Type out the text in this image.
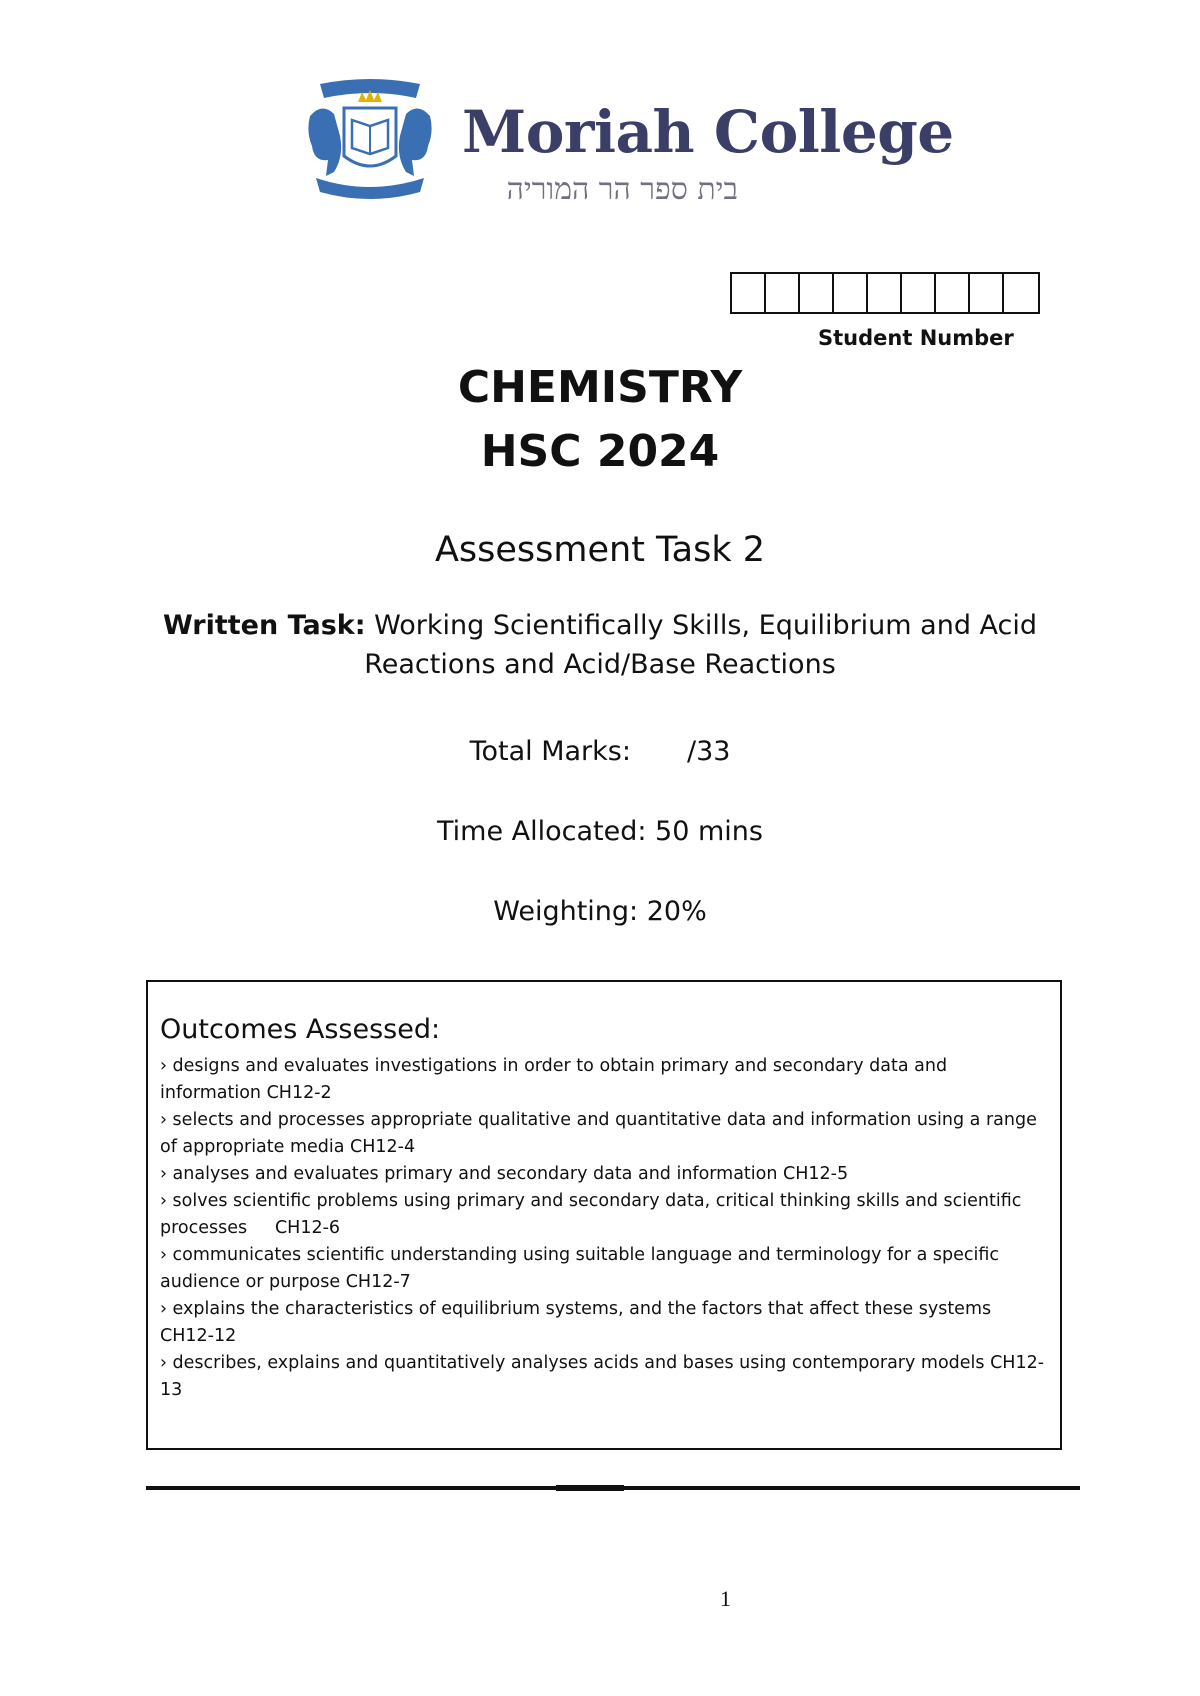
Moriah College
בית ספר הר המוריה
Student Number
CHEMISTRY
HSC 2024
Assessment Task 2
Written Task: Working Scientifically Skills, Equilibrium and Acid
Reactions and Acid/Base Reactions
Total Marks: /33
Time Allocated: 50 mins
Weighting: 20%
Outcomes Assessed:
› designs and evaluates investigations in order to obtain primary and secondary data and information CH12-2
› selects and processes appropriate qualitative and quantitative data and information using a range of appropriate media CH12-4
› analyses and evaluates primary and secondary data and information CH12-5
› solves scientific problems using primary and secondary data, critical thinking skills and scientific processes     CH12-6
› communicates scientific understanding using suitable language and terminology for a specific audience or purpose CH12-7
› explains the characteristics of equilibrium systems, and the factors that affect these systems CH12-12
› describes, explains and quantitatively analyses acids and bases using contemporary models CH12-13
1
